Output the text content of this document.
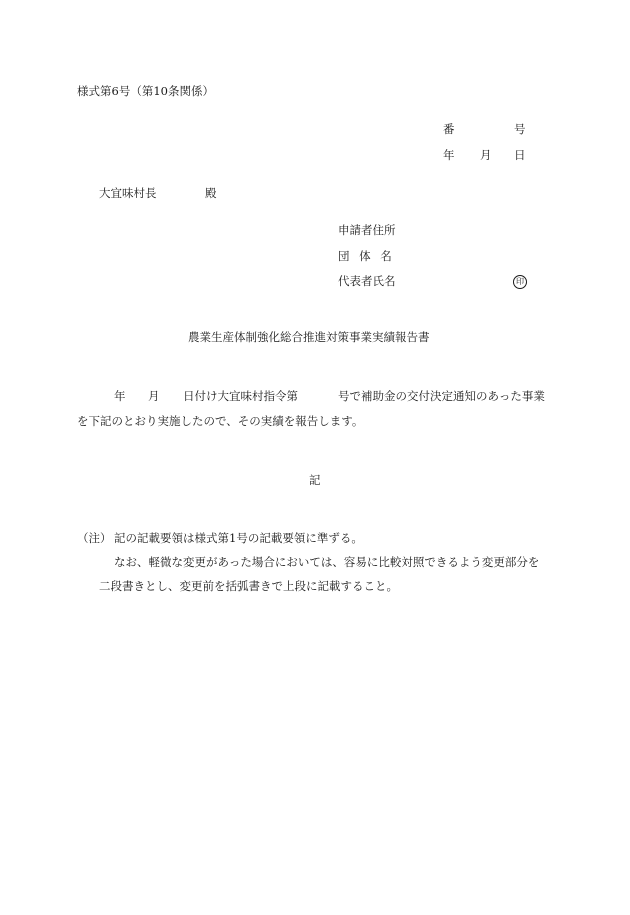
様式第6号（第10条関係）
番	号
年 月 日
大宜味村長	殿
申請者住所
団 体 名
代表者氏名	印
農業生産体制強化総合推進対策事業実績報告書
年 月 日付け大宜味村指令第	号で補助金の交付決定通知のあった事業
を下記のとおり実施したので、その実績を報告します。
記
（注） 記の記載要領は様式第1号の記載要領に準ずる。
なお、軽微な変更があった場合においては、容易に比較対照できるよう変更部分を
二段書きとし、変更前を括弧書きで上段に記載すること。
